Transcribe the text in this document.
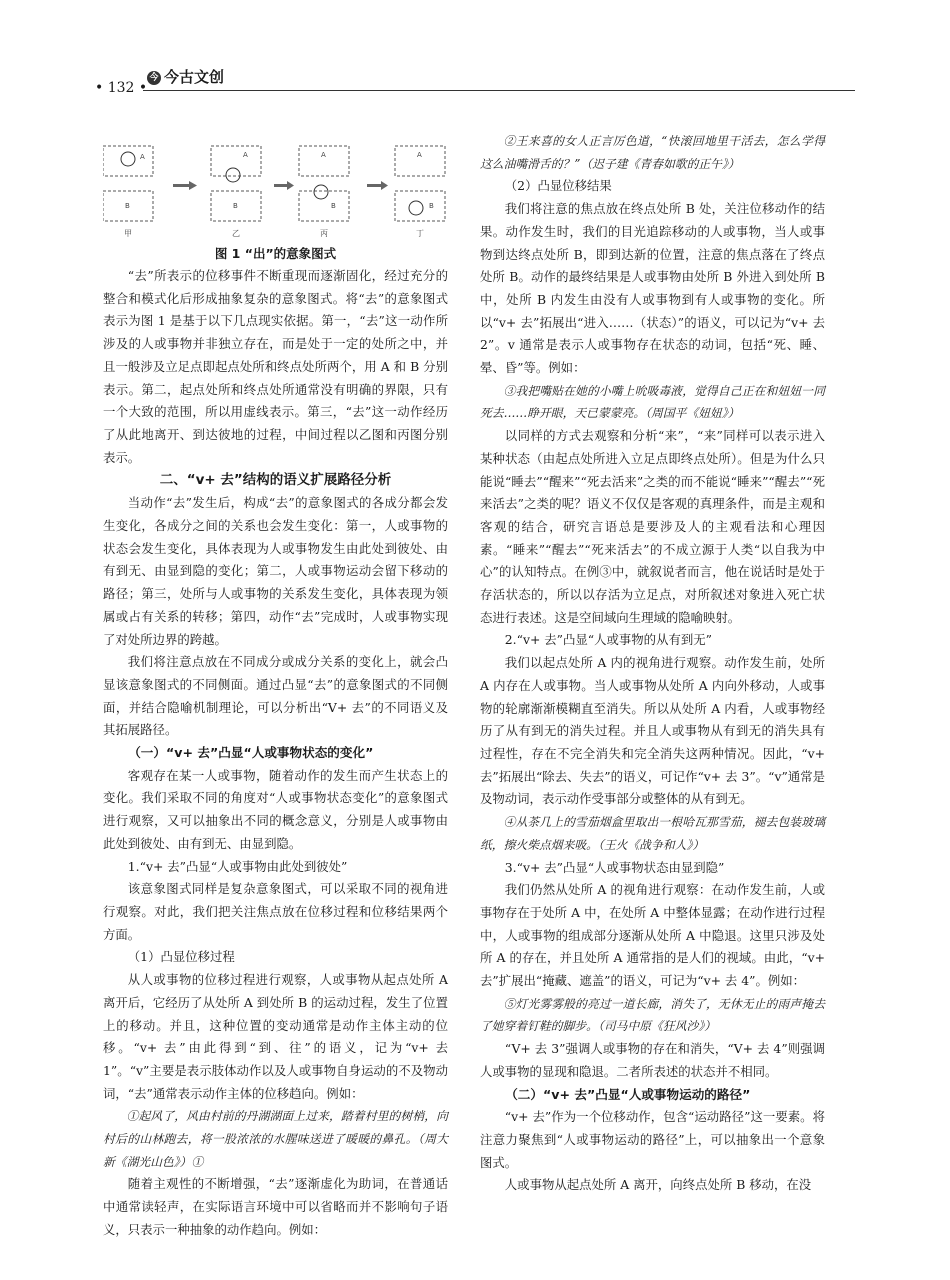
• 132 •
今 今古文创
A
B
A
B
A
B
A
B
甲	乙	丙	丁

图 1 “出”的意象图式

“去”所表示的位移事件不断重现而逐渐固化，经过充分的整合和模式化后形成抽象复杂的意象图式。将“去”的意象图式表示为图 1 是基于以下几点现实依据。第一，“去”这一动作所涉及的人或事物并非独立存在，而是处于一定的处所之中，并且一般涉及立足点即起点处所和终点处所两个，用 A 和 B 分别表示。第二，起点处所和终点处所通常没有明确的界限，只有一个大致的范围，所以用虚线表示。第三，“去”这一动作经历了从此地离开、到达彼地的过程，中间过程以乙图和丙图分别表示。

二、“v+ 去”结构的语义扩展路径分析

当动作“去”发生后，构成“去”的意象图式的各成分都会发生变化，各成分之间的关系也会发生变化：第一，人或事物的状态会发生变化，具体表现为人或事物发生由此处到彼处、由有到无、由显到隐的变化；第二，人或事物运动会留下移动的路径；第三，处所与人或事物的关系发生变化，具体表现为领属或占有关系的转移；第四，动作“去”完成时，人或事物实现了对处所边界的跨越。

我们将注意点放在不同成分或成分关系的变化上，就会凸显该意象图式的不同侧面。通过凸显“去”的意象图式的不同侧面，并结合隐喻机制理论，可以分析出“V+ 去”的不同语义及其拓展路径。

（一）“v+ 去”凸显“人或事物状态的变化”

客观存在某一人或事物，随着动作的发生而产生状态上的变化。我们采取不同的角度对“人或事物状态变化”的意象图式进行观察，又可以抽象出不同的概念意义，分别是人或事物由此处到彼处、由有到无、由显到隐。

1.“v+ 去”凸显“人或事物由此处到彼处”

该意象图式同样是复杂意象图式，可以采取不同的视角进行观察。对此，我们把关注焦点放在位移过程和位移结果两个方面。

（1）凸显位移过程

从人或事物的位移过程进行观察，人或事物从起点处所 A 离开后，它经历了从处所 A 到处所 B 的运动过程，发生了位置上的移动。并且，这种位置的变动通常是动作主体主动的位移。“v+ 去”由此得到“到、往”的语义，记为“v+ 去 1”。“v”主要是表示肢体动作以及人或事物自身运动的不及物动词，“去”通常表示动作主体的位移趋向。例如：

①起风了，风由村前的丹湖湖面上过来，踏着村里的树梢，向村后的山林跑去，将一股浓浓的水腥味送进了暖暖的鼻孔。（周大新《湖光山色》）①

随着主观性的不断增强，“去”逐渐虚化为助词，在普通话中通常读轻声，在实际语言环境中可以省略而并不影响句子语义，只表示一种抽象的动作趋向。例如：

②王来喜的女人正言厉色道，“快滚回地里干活去，怎么学得这么油嘴滑舌的？”（迟子建《青春如歌的正午》）

（2）凸显位移结果

我们将注意的焦点放在终点处所 B 处，关注位移动作的结果。动作发生时，我们的目光追踪移动的人或事物，当人或事物到达终点处所 B，即到达新的位置，注意的焦点落在了终点处所 B。动作的最终结果是人或事物由处所 B 外进入到处所 B 中，处所 B 内发生由没有人或事物到有人或事物的变化。所以“v+ 去”拓展出“进入……（状态）”的语义，可以记为“v+ 去 2”。v 通常是表示人或事物存在状态的动词，包括“死、睡、晕、昏”等。例如：

③我把嘴贴在她的小嘴上吮吸毒液，觉得自己正在和妞妞一同死去……睁开眼，天已蒙蒙亮。（周国平《妞妞》）

以同样的方式去观察和分析“来”，“来”同样可以表示进入某种状态（由起点处所进入立足点即终点处所）。但是为什么只能说“睡去”“醒来”“死去活来”之类的而不能说“睡来”“醒去”“死来活去”之类的呢？语义不仅仅是客观的真理条件，而是主观和客观的结合，研究言语总是要涉及人的主观看法和心理因素。“睡来”“醒去”“死来活去”的不成立源于人类“以自我为中心”的认知特点。在例③中，就叙说者而言，他在说话时是处于存活状态的，所以以存活为立足点，对所叙述对象进入死亡状态进行表述。这是空间域向生理域的隐喻映射。

2.“v+ 去”凸显“人或事物的从有到无”

我们以起点处所 A 内的视角进行观察。动作发生前，处所 A 内存在人或事物。当人或事物从处所 A 内向外移动，人或事物的轮廓渐渐模糊直至消失。所以从处所 A 内看，人或事物经历了从有到无的消失过程。并且人或事物从有到无的消失具有过程性，存在不完全消失和完全消失这两种情况。因此，“v+ 去”拓展出“除去、失去”的语义，可记作“v+ 去 3”。“v”通常是及物动词，表示动作受事部分或整体的从有到无。

④从茶几上的雪茄烟盒里取出一根哈瓦那雪茄，褪去包装玻璃纸，擦火柴点烟来吸。（王火《战争和人》）

3.“v+ 去”凸显“人或事物状态由显到隐”

我们仍然从处所 A 的视角进行观察：在动作发生前，人或事物存在于处所 A 中，在处所 A 中整体显露；在动作进行过程中，人或事物的组成部分逐渐从处所 A 中隐退。这里只涉及处所 A 的存在，并且处所 A 通常指的是人们的视域。由此，“v+ 去”扩展出“掩藏、遮盖”的语义，可记为“v+ 去 4”。例如：

⑤灯光雾雾般的亮过一道长廊，消失了，无休无止的雨声掩去了她穿着钉鞋的脚步。（司马中原《狂风沙》）

“V+ 去 3”强调人或事物的存在和消失，“V+ 去 4”则强调人或事物的显现和隐退。二者所表述的状态并不相同。

（二）“v+ 去”凸显“人或事物运动的路径”

“v+ 去”作为一个位移动作，包含“运动路径”这一要素。将注意力聚焦到“人或事物运动的路径”上，可以抽象出一个意象图式。

人或事物从起点处所 A 离开，向终点处所 B 移动，在没
